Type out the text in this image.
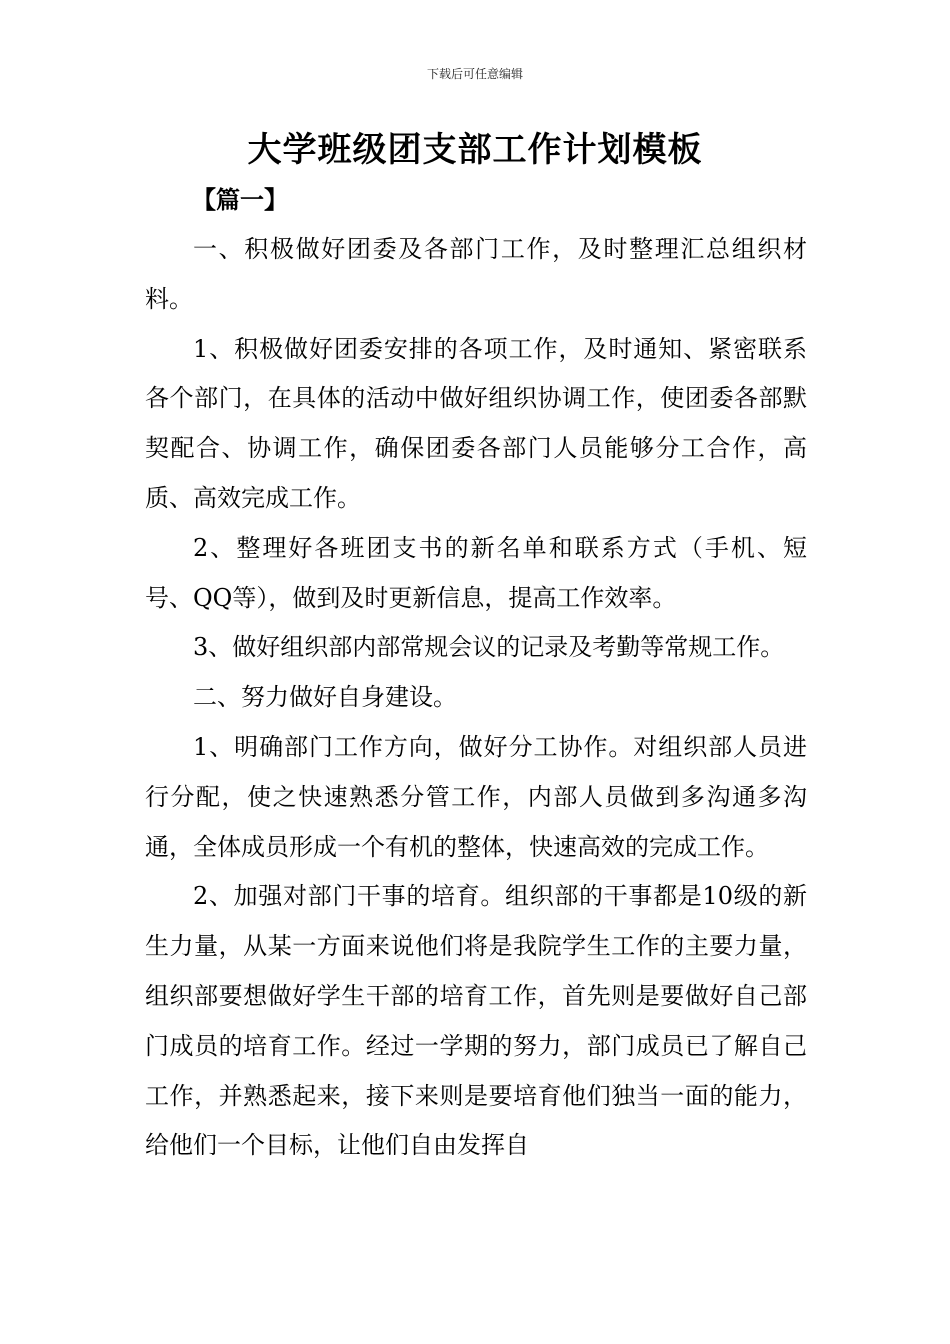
下载后可任意编辑
大学班级团支部工作计划模板
【篇一】

一、积极做好团委及各部门工作，及时整理汇总组织材料。

1、积极做好团委安排的各项工作，及时通知、紧密联系各个部门，在具体的活动中做好组织协调工作，使团委各部默契配合、协调工作，确保团委各部门人员能够分工合作，高质、高效完成工作。

2、整理好各班团支书的新名单和联系方式（手机、短号、QQ等），做到及时更新信息，提高工作效率。

3、做好组织部内部常规会议的记录及考勤等常规工作。

二、努力做好自身建设。

1、明确部门工作方向，做好分工协作。对组织部人员进行分配，使之快速熟悉分管工作，内部人员做到多沟通多沟通，全体成员形成一个有机的整体，快速高效的完成工作。

2、加强对部门干事的培育。组织部的干事都是10级的新生力量，从某一方面来说他们将是我院学生工作的主要力量，组织部要想做好学生干部的培育工作，首先则是要做好自己部门成员的培育工作。经过一学期的努力，部门成员已了解自己工作，并熟悉起来，接下来则是要培育他们独当一面的能力，给他们一个目标，让他们自由发挥自
